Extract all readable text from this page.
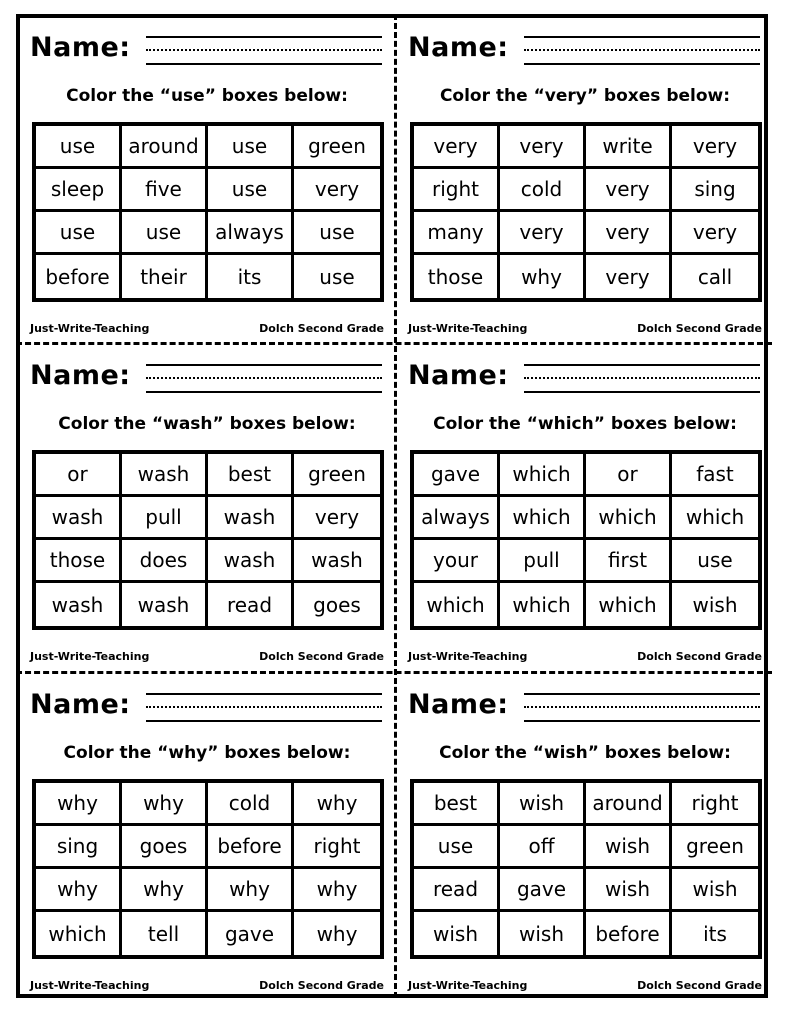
Name:
Color the “use” boxes below:
use	around	use	green
sleep	five	use	very
use	use	always	use
before	their	its	use
Just-Write-Teaching	Dolch Second Grade
Name:
Color the “very” boxes below:
very	very	write	very
right	cold	very	sing
many	very	very	very
those	why	very	call
Just-Write-Teaching	Dolch Second Grade
Name:
Color the “wash” boxes below:
or	wash	best	green
wash	pull	wash	very
those	does	wash	wash
wash	wash	read	goes
Just-Write-Teaching	Dolch Second Grade
Name:
Color the “which” boxes below:
gave	which	or	fast
always	which	which	which
your	pull	first	use
which	which	which	wish
Just-Write-Teaching	Dolch Second Grade
Name:
Color the “why” boxes below:
why	why	cold	why
sing	goes	before	right
why	why	why	why
which	tell	gave	why
Just-Write-Teaching	Dolch Second Grade
Name:
Color the “wish” boxes below:
best	wish	around	right
use	off	wish	green
read	gave	wish	wish
wish	wish	before	its
Just-Write-Teaching	Dolch Second Grade
